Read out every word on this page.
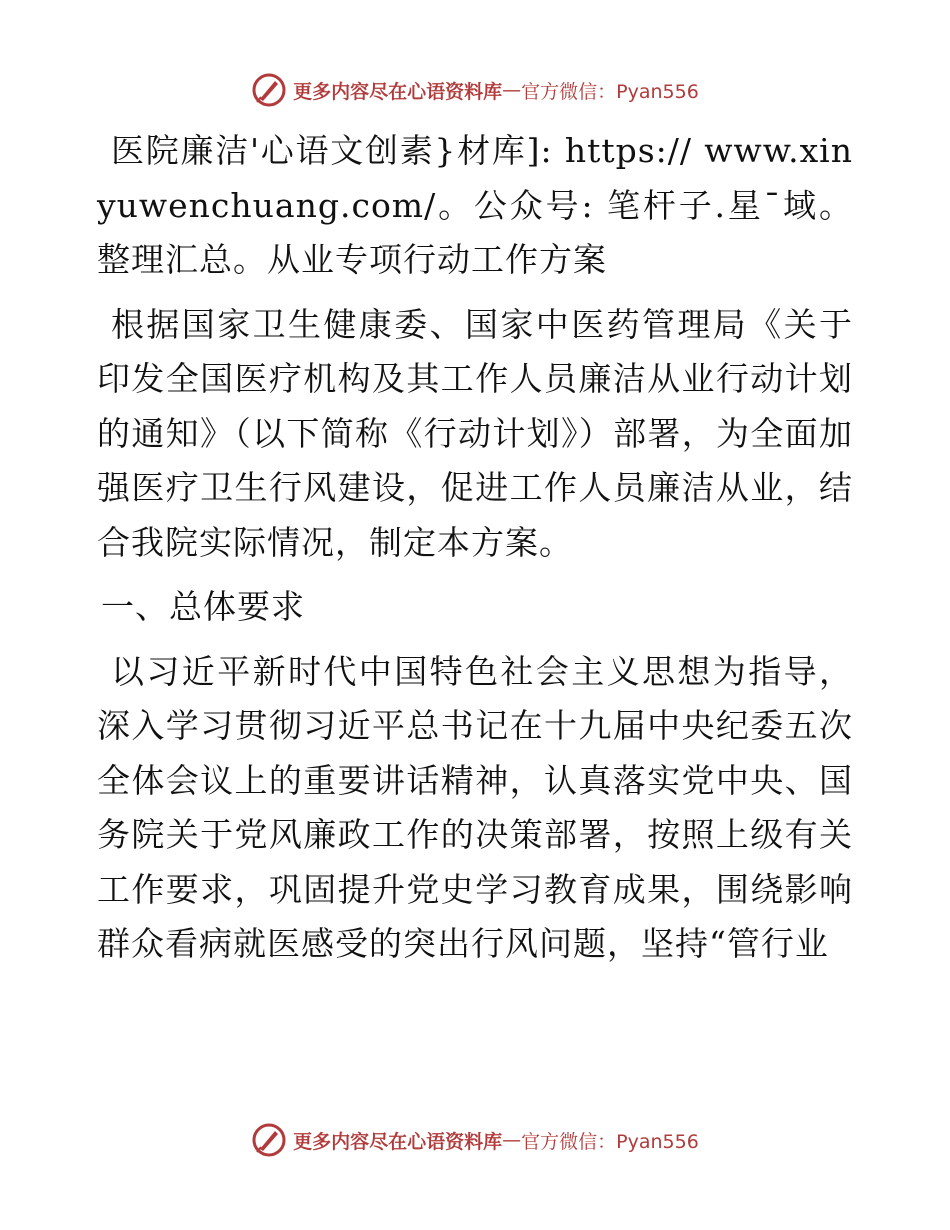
更多内容尽在心语资料库 — 官方微信：Pyan556

医院廉洁'心语文创素}材库]: https:// www.xinyuwenchuang.com/。公众号: 笔杆子.星¯域。整理汇总。从业专项行动工作方案

根据国家卫生健康委、国家中医药管理局《关于印发全国医疗机构及其工作人员廉洁从业行动计划的通知》（以下简称《行动计划》）部署，为全面加强医疗卫生行风建设，促进工作人员廉洁从业，结合我院实际情况，制定本方案。

一、总体要求

以习近平新时代中国特色社会主义思想为指导，深入学习贯彻习近平总书记在十九届中央纪委五次全体会议上的重要讲话精神，认真落实党中央、国务院关于党风廉政工作的决策部署，按照上级有关工作要求，巩固提升党史学习教育成果，围绕影响群众看病就医感受的突出行风问题，坚持“管行业

更多内容尽在心语资料库 — 官方微信：Pyan556
